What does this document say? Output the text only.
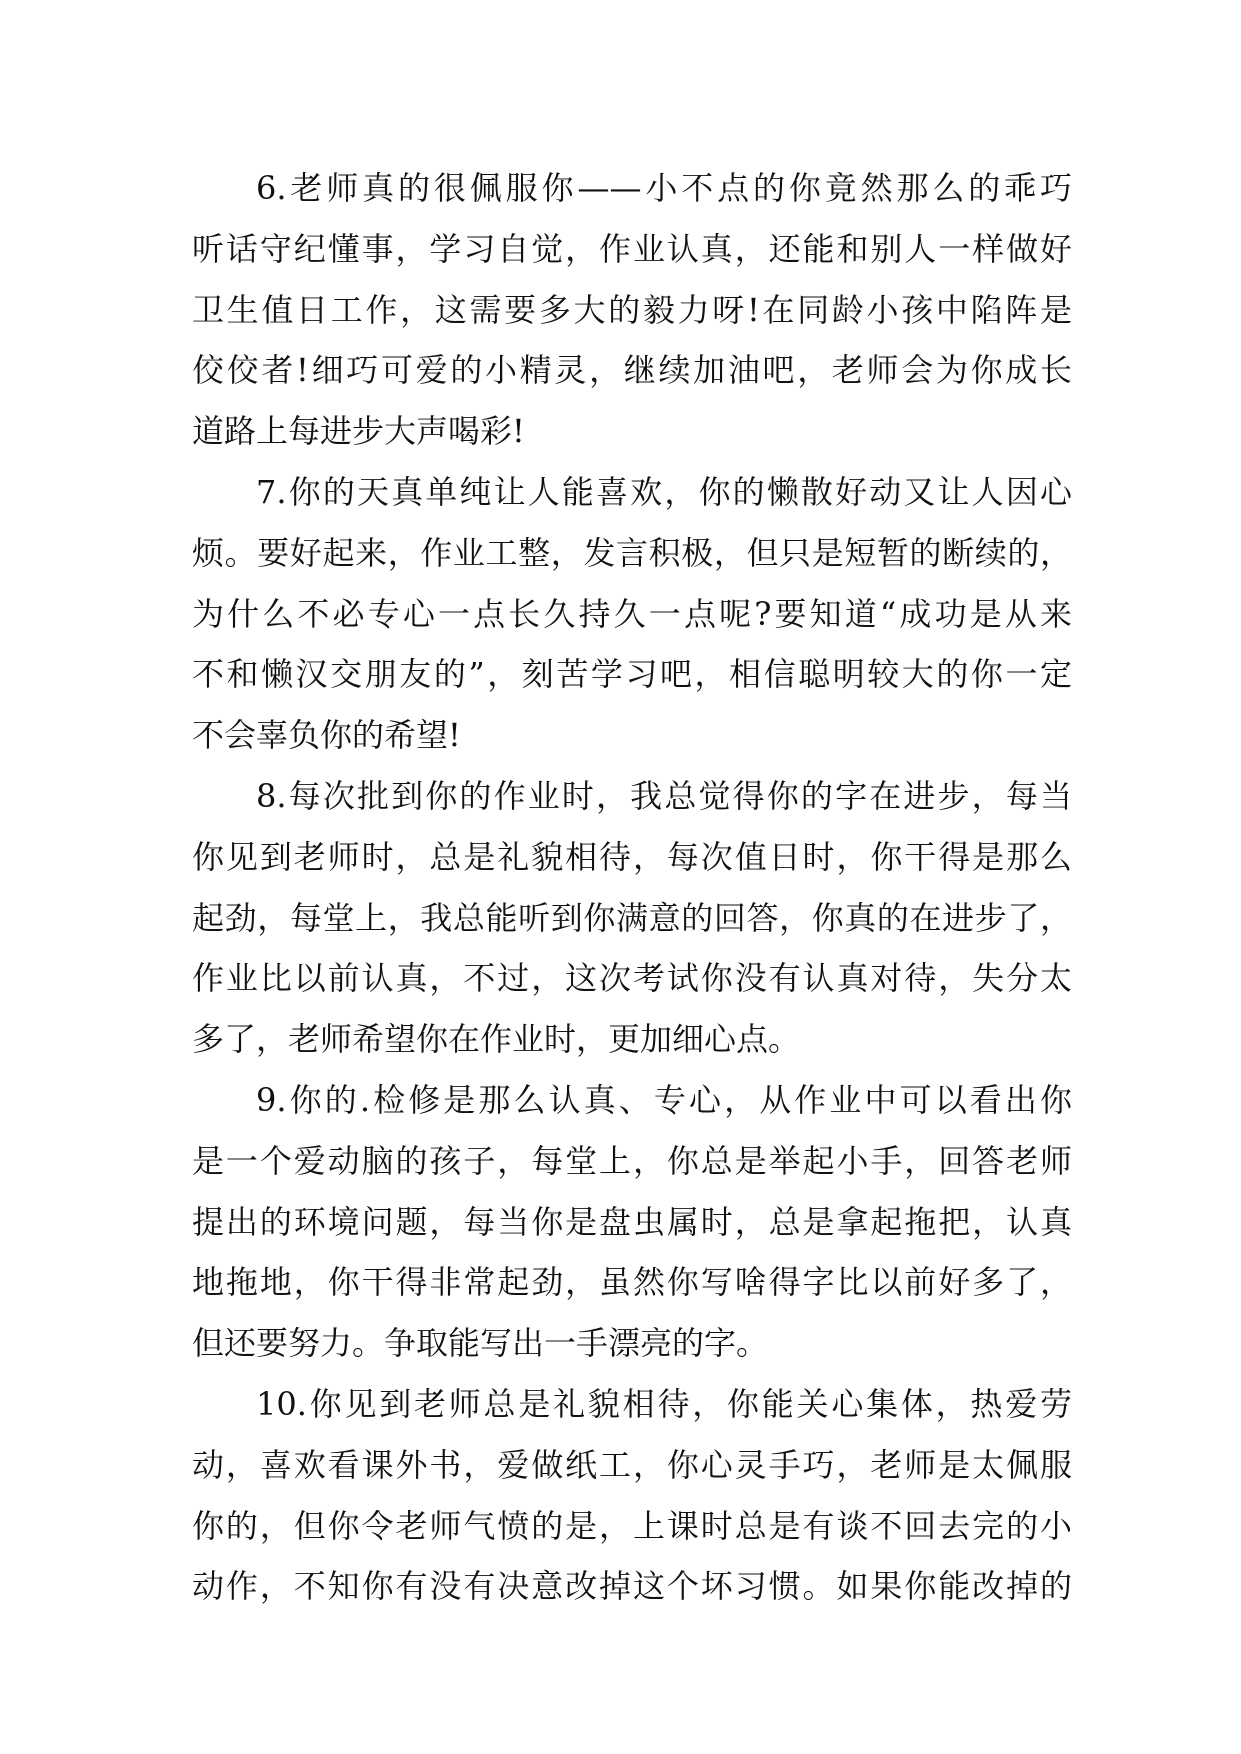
6.老师真的很佩服你——小不点的你竟然那么的乖巧
听话守纪懂事，学习自觉，作业认真，还能和别人一样做好
卫生值日工作，这需要多大的毅力呀!在同龄小孩中陷阵是
佼佼者!细巧可爱的小精灵，继续加油吧，老师会为你成长
道路上每进步大声喝彩!
7.你的天真单纯让人能喜欢，你的懒散好动又让人因心
烦。要好起来，作业工整，发言积极，但只是短暂的断续的，
为什么不必专心一点长久持久一点呢?要知道“成功是从来
不和懒汉交朋友的”，刻苦学习吧，相信聪明较大的你一定
不会辜负你的希望!
8.每次批到你的作业时，我总觉得你的字在进步，每当
你见到老师时，总是礼貌相待，每次值日时，你干得是那么
起劲，每堂上，我总能听到你满意的回答，你真的在进步了，
作业比以前认真，不过，这次考试你没有认真对待，失分太
多了，老师希望你在作业时，更加细心点。
9.你的.检修是那么认真、专心，从作业中可以看出你
是一个爱动脑的孩子，每堂上，你总是举起小手，回答老师
提出的环境问题，每当你是盘虫属时，总是拿起拖把，认真
地拖地，你干得非常起劲，虽然你写啥得字比以前好多了，
但还要努力。争取能写出一手漂亮的字。
10.你见到老师总是礼貌相待，你能关心集体，热爱劳
动，喜欢看课外书，爱做纸工，你心灵手巧，老师是太佩服
你的，但你令老师气愤的是，上课时总是有谈不回去完的小
动作，不知你有没有决意改掉这个坏习惯。如果你能改掉的
